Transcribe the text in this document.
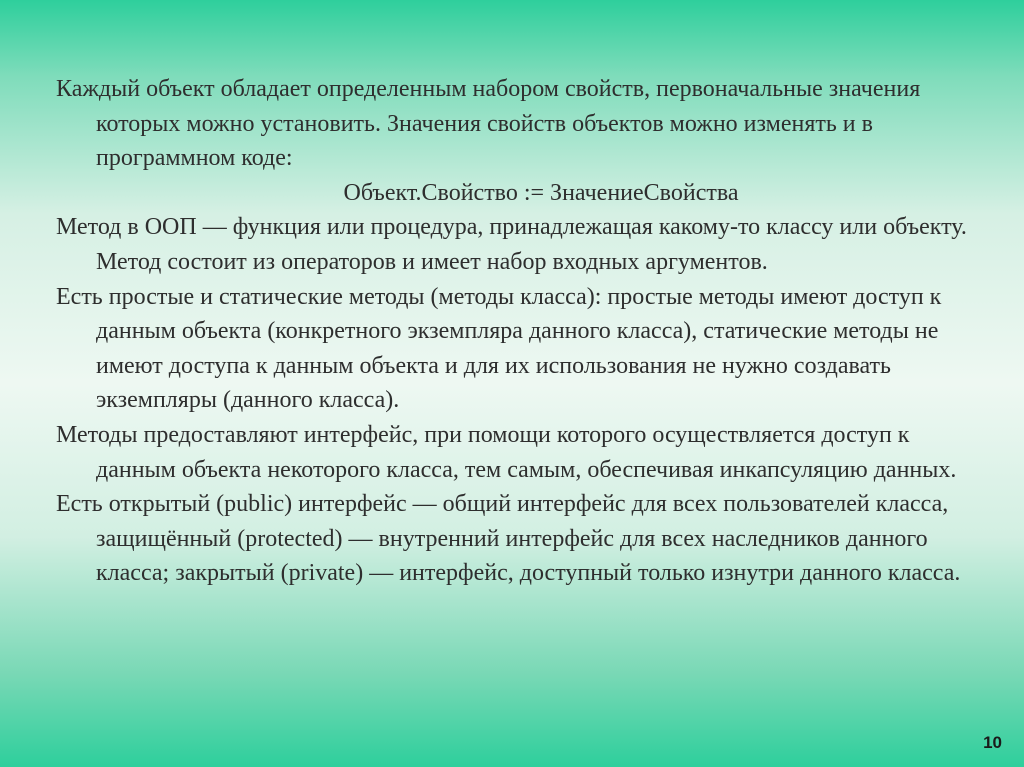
Каждый объект обладает определенным набором свойств, первоначальные значения которых можно установить. Значения свойств объектов можно изменять и в программном коде:

Объект.Свойство := ЗначениеСвойства

Метод в ООП — функция или процедура, принадлежащая какому-то классу или объекту. Метод состоит из операторов и имеет набор входных аргументов.

Есть простые и статические методы (методы класса): простые методы имеют доступ к данным объекта (конкретного экземпляра данного класса), статические методы не имеют доступа к данным объекта и для их использования не нужно создавать экземпляры (данного класса).

Методы предоставляют интерфейс, при помощи которого осуществляется доступ к данным объекта некоторого класса, тем самым, обеспечивая инкапсуляцию данных.

Есть открытый (public) интерфейс — общий интерфейс для всех пользователей класса, защищённый (protected) — внутренний интерфейс для всех наследников данного класса; закрытый (private) — интерфейс, доступный только изнутри данного класса.

10
